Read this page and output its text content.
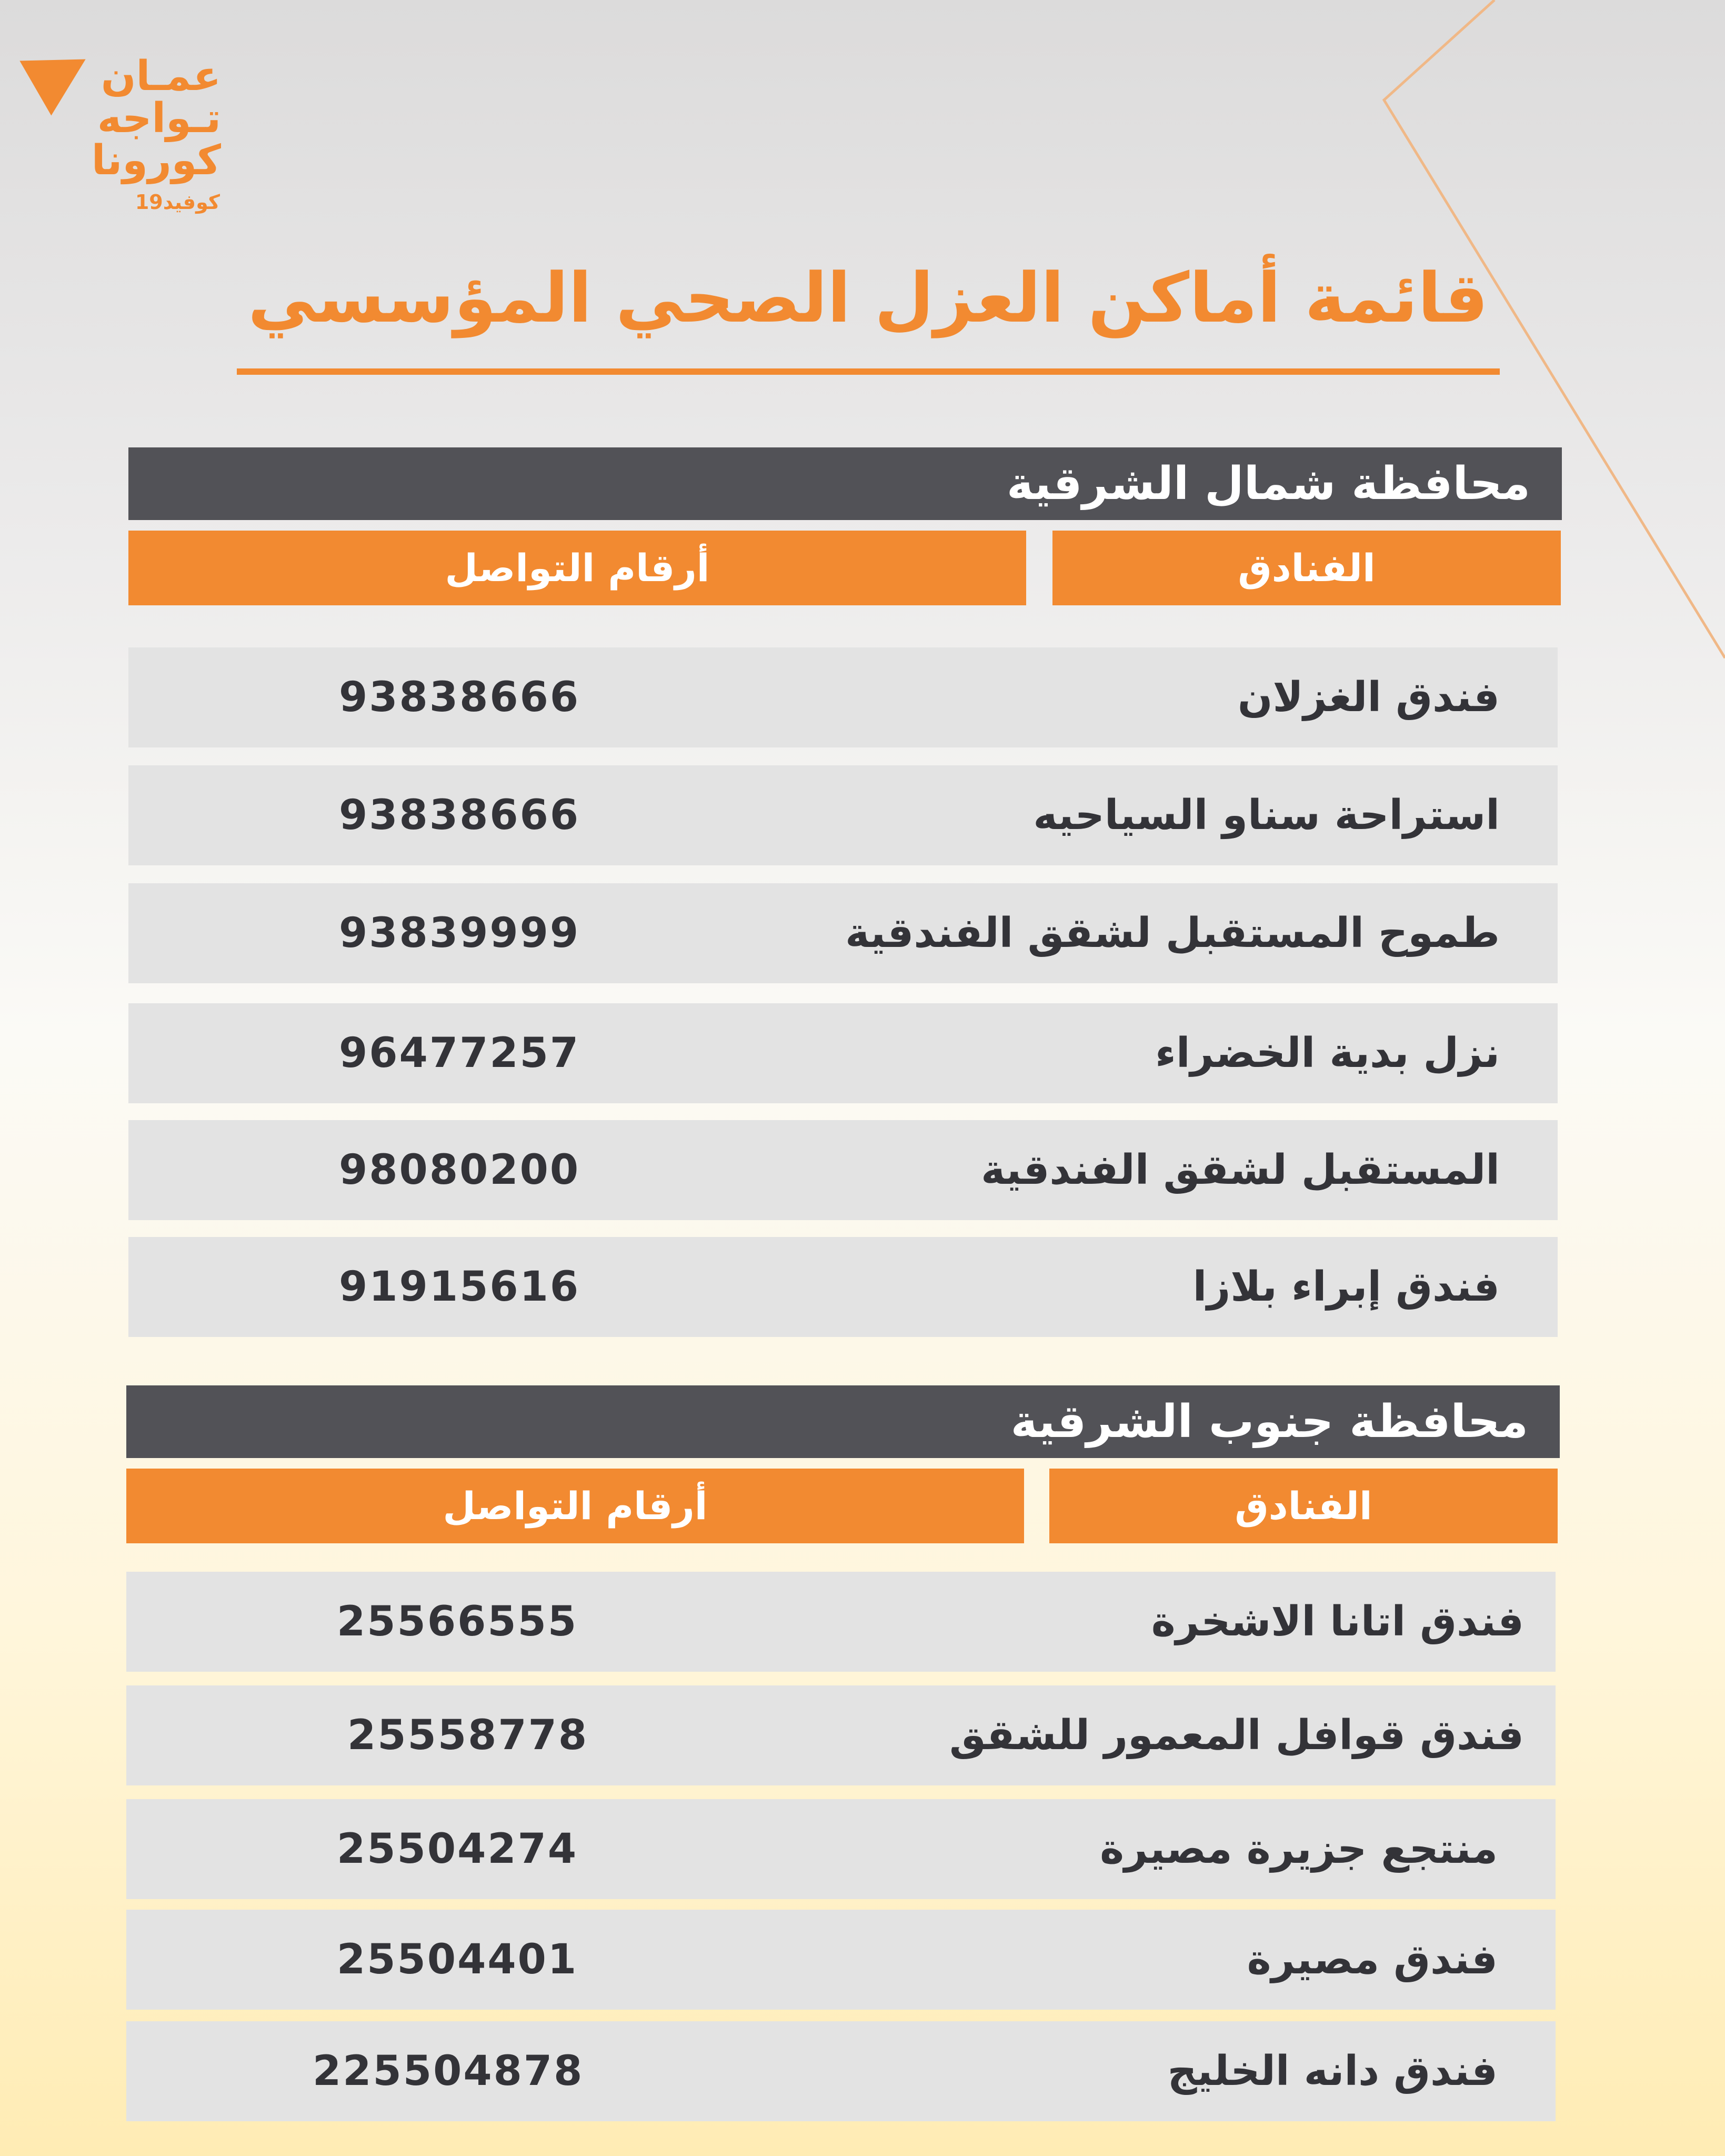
عمـان
تـواجه
كورونا
كوفيد19
قائمة أماكن العزل الصحي المؤسسي
محافظة شمال الشرقية
الفنادق
أرقام التواصل
فندق الغزلان
93838666
استراحة سناو السياحيه
93838666
طموح المستقبل لشقق الفندقية
93839999
نزل بدية الخضراء
96477257
المستقبل لشقق الفندقية
98080200
فندق إبراء بلازا
91915616
محافظة جنوب الشرقية
الفنادق
أرقام التواصل
فندق اتانا الاشخرة
25566555
فندق قوافل المعمور للشقق
25558778
منتجع جزيرة مصيرة
25504274
فندق مصيرة
25504401
فندق دانه الخليج
225504878
